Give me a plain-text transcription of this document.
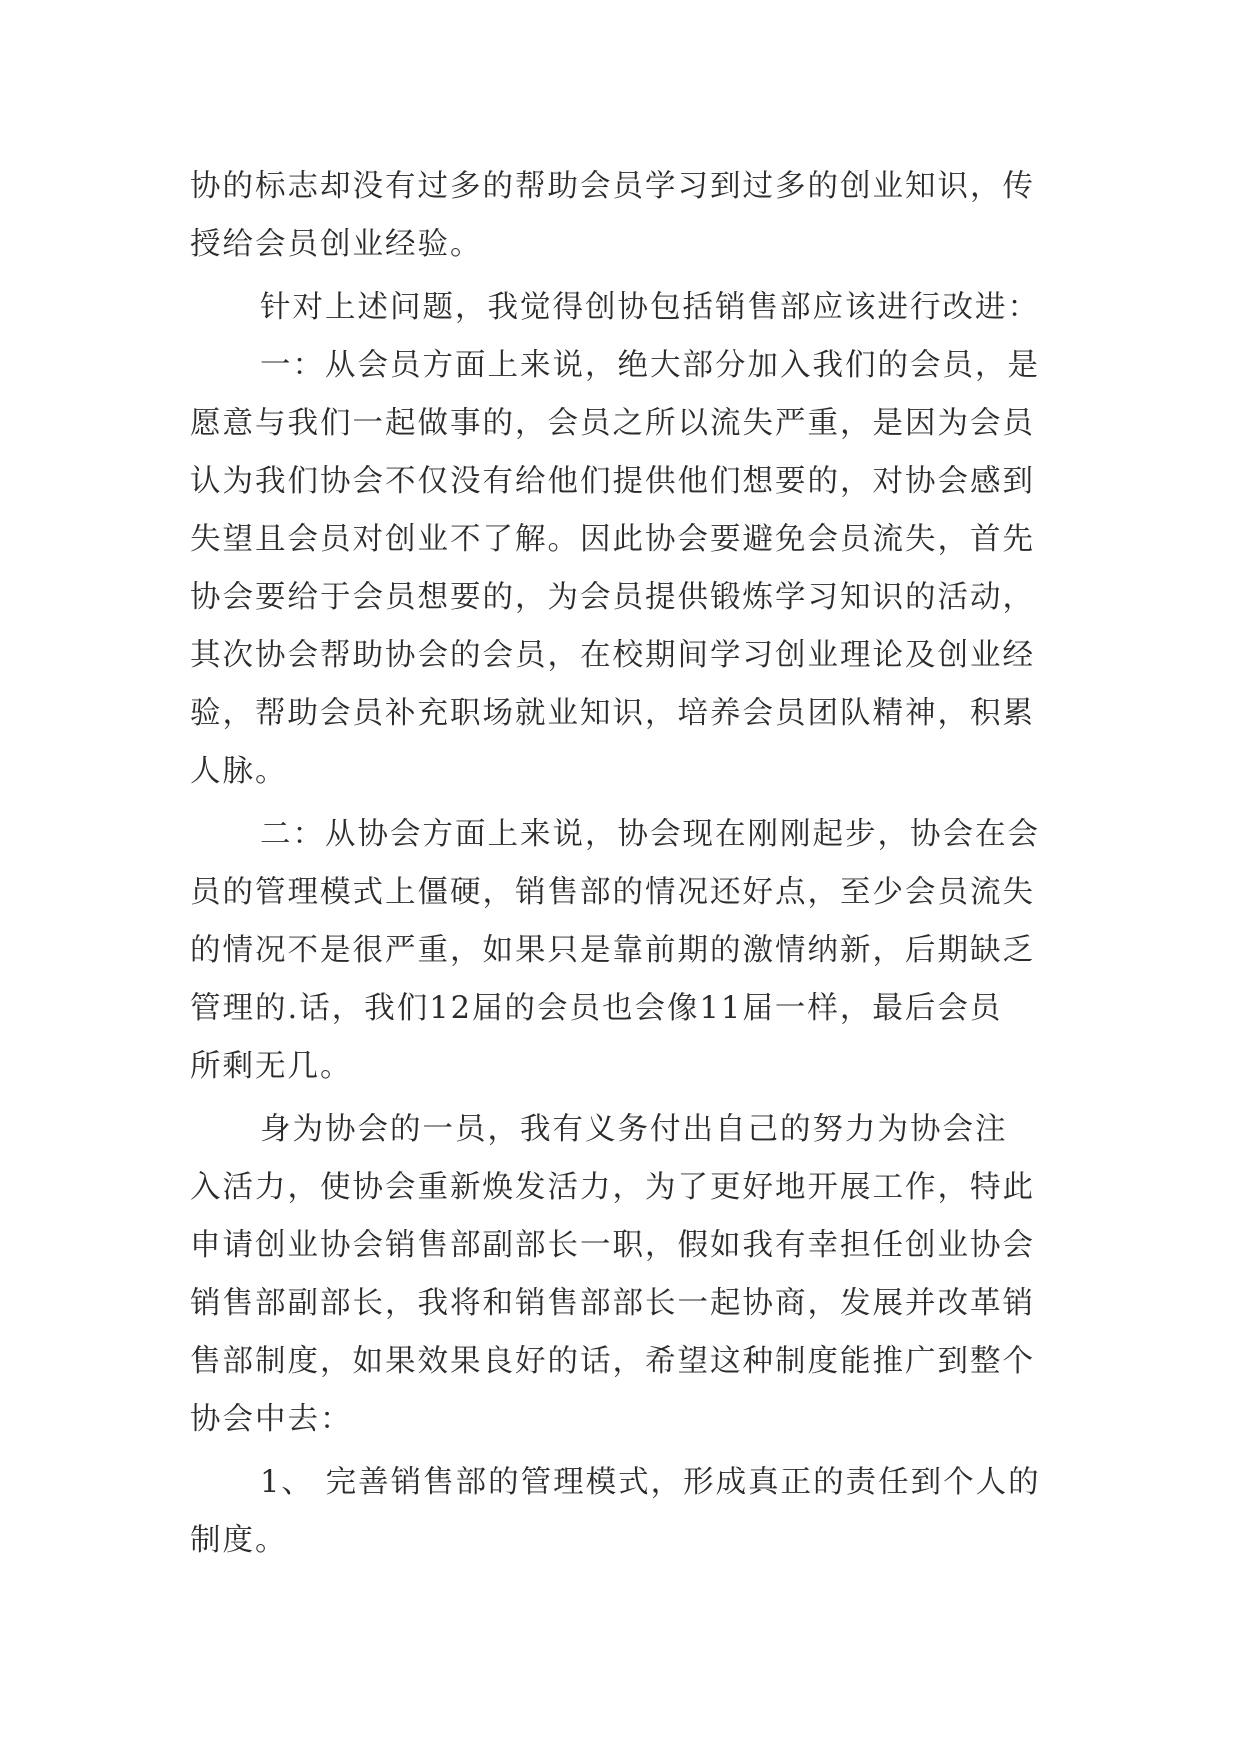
协的标志却没有过多的帮助会员学习到过多的创业知识，传
授给会员创业经验。
针对上述问题，我觉得创协包括销售部应该进行改进：
一：从会员方面上来说，绝大部分加入我们的会员，是
愿意与我们一起做事的，会员之所以流失严重，是因为会员
认为我们协会不仅没有给他们提供他们想要的，对协会感到
失望且会员对创业不了解。因此协会要避免会员流失，首先
协会要给于会员想要的，为会员提供锻炼学习知识的活动，
其次协会帮助协会的会员，在校期间学习创业理论及创业经
验，帮助会员补充职场就业知识，培养会员团队精神，积累
人脉。
二：从协会方面上来说，协会现在刚刚起步，协会在会
员的管理模式上僵硬，销售部的情况还好点，至少会员流失
的情况不是很严重，如果只是靠前期的激情纳新，后期缺乏
管理的.话，我们12届的会员也会像11届一样，最后会员
所剩无几。
身为协会的一员，我有义务付出自己的努力为协会注
入活力，使协会重新焕发活力，为了更好地开展工作，特此
申请创业协会销售部副部长一职，假如我有幸担任创业协会
销售部副部长，我将和销售部部长一起协商，发展并改革销
售部制度，如果效果良好的话，希望这种制度能推广到整个
协会中去：
1、 完善销售部的管理模式，形成真正的责任到个人的
制度。
